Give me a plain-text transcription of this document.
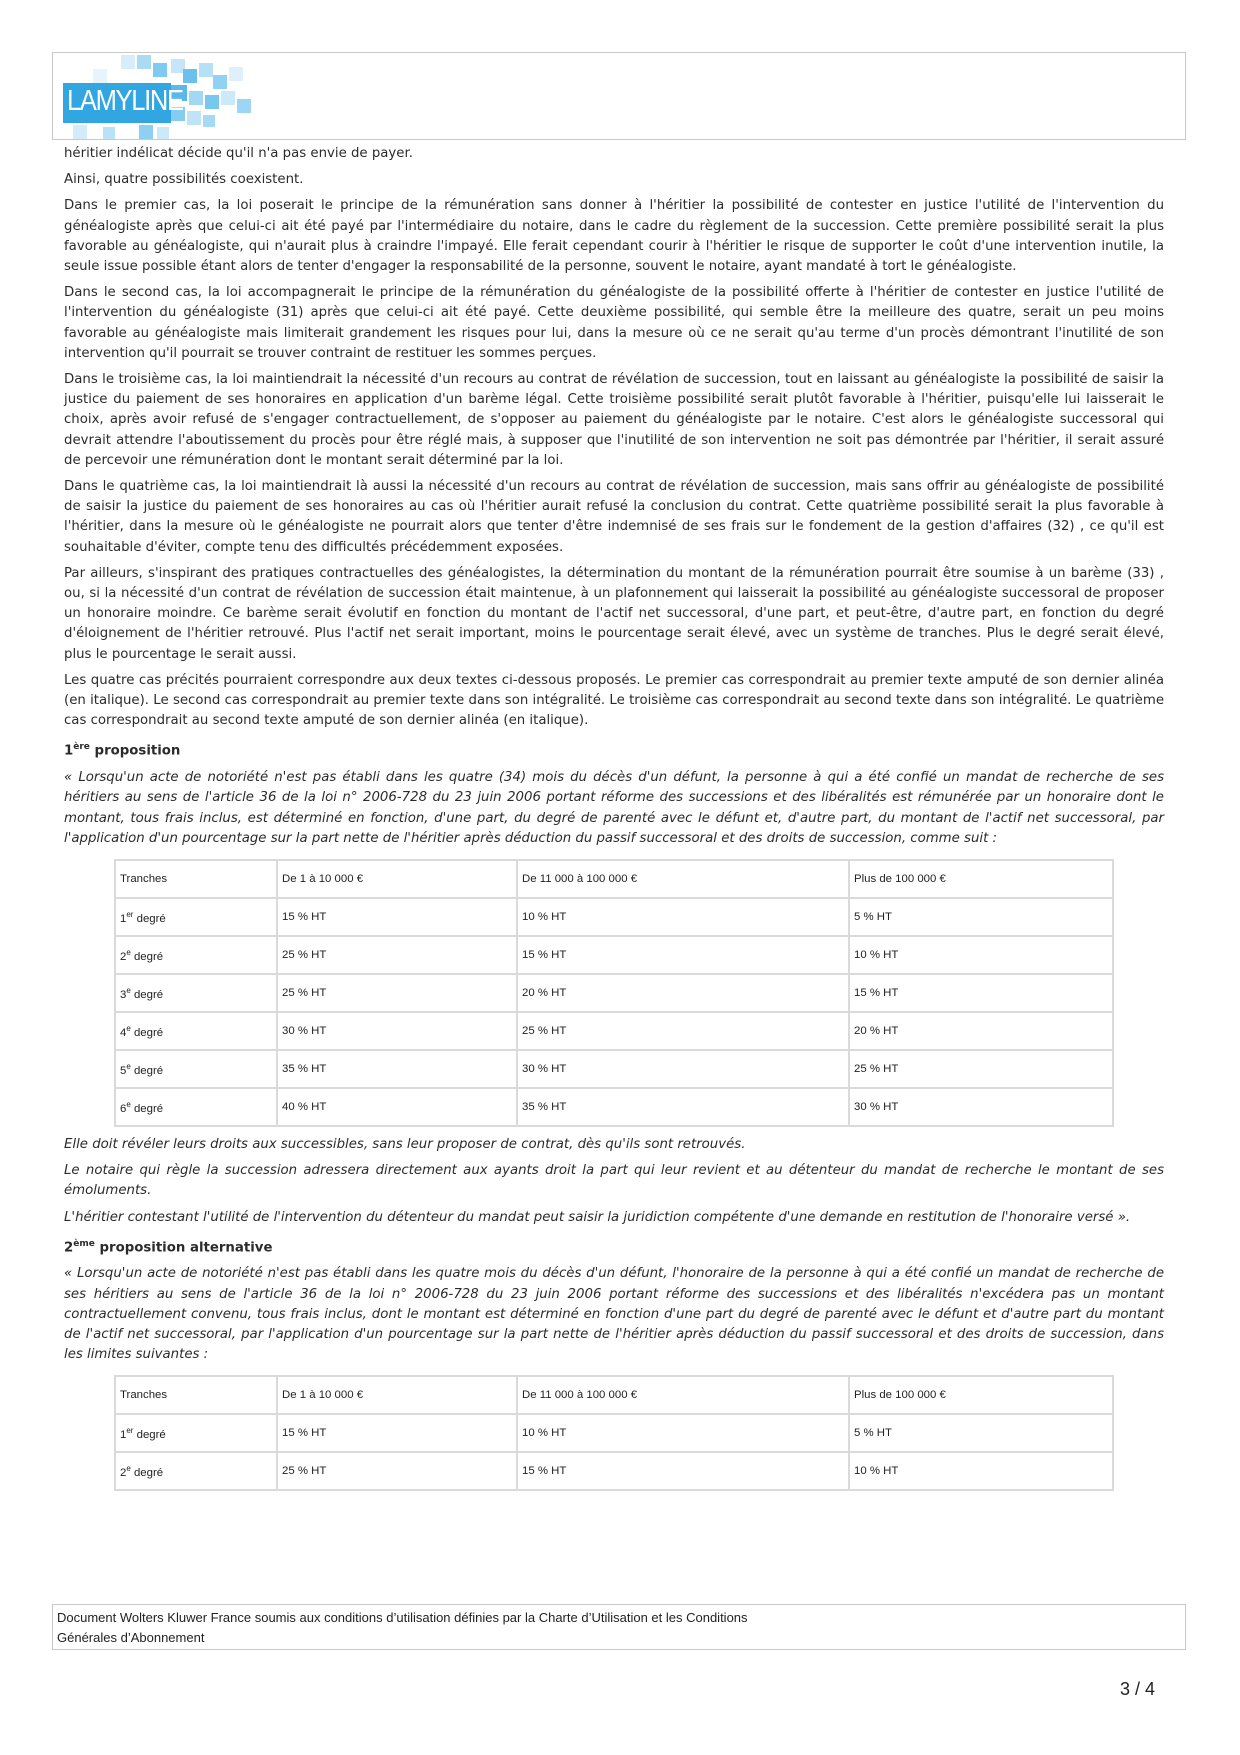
LAMYLINE

héritier indélicat décide qu'il n'a pas envie de payer.

Ainsi, quatre possibilités coexistent.

Dans le premier cas, la loi poserait le principe de la rémunération sans donner à l'héritier la possibilité de contester en justice l'utilité de l'intervention du généalogiste après que celui-ci ait été payé par l'intermédiaire du notaire, dans le cadre du règlement de la succession. Cette première possibilité serait la plus favorable au généalogiste, qui n'aurait plus à craindre l'impayé. Elle ferait cependant courir à l'héritier le risque de supporter le coût d'une intervention inutile, la seule issue possible étant alors de tenter d'engager la responsabilité de la personne, souvent le notaire, ayant mandaté à tort le généalogiste.

Dans le second cas, la loi accompagnerait le principe de la rémunération du généalogiste de la possibilité offerte à l'héritier de contester en justice l'utilité de l'intervention du généalogiste (31) après que celui-ci ait été payé. Cette deuxième possibilité, qui semble être la meilleure des quatre, serait un peu moins favorable au généalogiste mais limiterait grandement les risques pour lui, dans la mesure où ce ne serait qu'au terme d'un procès démontrant l'inutilité de son intervention qu'il pourrait se trouver contraint de restituer les sommes perçues.

Dans le troisième cas, la loi maintiendrait la nécessité d'un recours au contrat de révélation de succession, tout en laissant au généalogiste la possibilité de saisir la justice du paiement de ses honoraires en application d'un barème légal. Cette troisième possibilité serait plutôt favorable à l'héritier, puisqu'elle lui laisserait le choix, après avoir refusé de s'engager contractuellement, de s'opposer au paiement du généalogiste par le notaire. C'est alors le généalogiste successoral qui devrait attendre l'aboutissement du procès pour être réglé mais, à supposer que l'inutilité de son intervention ne soit pas démontrée par l'héritier, il serait assuré de percevoir une rémunération dont le montant serait déterminé par la loi.

Dans le quatrième cas, la loi maintiendrait là aussi la nécessité d'un recours au contrat de révélation de succession, mais sans offrir au généalogiste de possibilité de saisir la justice du paiement de ses honoraires au cas où l'héritier aurait refusé la conclusion du contrat. Cette quatrième possibilité serait la plus favorable à l'héritier, dans la mesure où le généalogiste ne pourrait alors que tenter d'être indemnisé de ses frais sur le fondement de la gestion d'affaires (32) , ce qu'il est souhaitable d'éviter, compte tenu des difficultés précédemment exposées.

Par ailleurs, s'inspirant des pratiques contractuelles des généalogistes, la détermination du montant de la rémunération pourrait être soumise à un barème (33) , ou, si la nécessité d'un contrat de révélation de succession était maintenue, à un plafonnement qui laisserait la possibilité au généalogiste successoral de proposer un honoraire moindre. Ce barème serait évolutif en fonction du montant de l'actif net successoral, d'une part, et peut-être, d'autre part, en fonction du degré d'éloignement de l'héritier retrouvé. Plus l'actif net serait important, moins le pourcentage serait élevé, avec un système de tranches. Plus le degré serait élevé, plus le pourcentage le serait aussi.

Les quatre cas précités pourraient correspondre aux deux textes ci-dessous proposés. Le premier cas correspondrait au premier texte amputé de son dernier alinéa (en italique). Le second cas correspondrait au premier texte dans son intégralité. Le troisième cas correspondrait au second texte dans son intégralité. Le quatrième cas correspondrait au second texte amputé de son dernier alinéa (en italique).

1ère proposition

« Lorsqu'un acte de notoriété n'est pas établi dans les quatre (34) mois du décès d'un défunt, la personne à qui a été confié un mandat de recherche de ses héritiers au sens de l'article 36 de la loi n° 2006-728 du 23 juin 2006 portant réforme des successions et des libéralités est rémunérée par un honoraire dont le montant, tous frais inclus, est déterminé en fonction, d'une part, du degré de parenté avec le défunt et, d'autre part, du montant de l'actif net successoral, par l'application d'un pourcentage sur la part nette de l'héritier après déduction du passif successoral et des droits de succession, comme suit :

Tranches	De 1 à 10 000 €	De 11 000 à 100 000 €	Plus de 100 000 €
1er degré	15 % HT	10 % HT	5 % HT
2e degré	25 % HT	15 % HT	10 % HT
3e degré	25 % HT	20 % HT	15 % HT
4e degré	30 % HT	25 % HT	20 % HT
5e degré	35 % HT	30 % HT	25 % HT
6e degré	40 % HT	35 % HT	30 % HT

Elle doit révéler leurs droits aux successibles, sans leur proposer de contrat, dès qu'ils sont retrouvés.

Le notaire qui règle la succession adressera directement aux ayants droit la part qui leur revient et au détenteur du mandat de recherche le montant de ses émoluments.

L'héritier contestant l'utilité de l'intervention du détenteur du mandat peut saisir la juridiction compétente d'une demande en restitution de l'honoraire versé ».

2ème proposition alternative

« Lorsqu'un acte de notoriété n'est pas établi dans les quatre mois du décès d'un défunt, l'honoraire de la personne à qui a été confié un mandat de recherche de ses héritiers au sens de l'article 36 de la loi n° 2006-728 du 23 juin 2006 portant réforme des successions et des libéralités n'excédera pas un montant contractuellement convenu, tous frais inclus, dont le montant est déterminé en fonction d'une part du degré de parenté avec le défunt et d'autre part du montant de l'actif net successoral, par l'application d'un pourcentage sur la part nette de l'héritier après déduction du passif successoral et des droits de succession, dans les limites suivantes :

Tranches	De 1 à 10 000 €	De 11 000 à 100 000 €	Plus de 100 000 €
1er degré	15 % HT	10 % HT	5 % HT
2e degré	25 % HT	15 % HT	10 % HT
Document Wolters Kluwer France soumis aux conditions d’utilisation définies par la Charte d’Utilisation et les Conditions
Générales d’Abonnement
3 / 4
